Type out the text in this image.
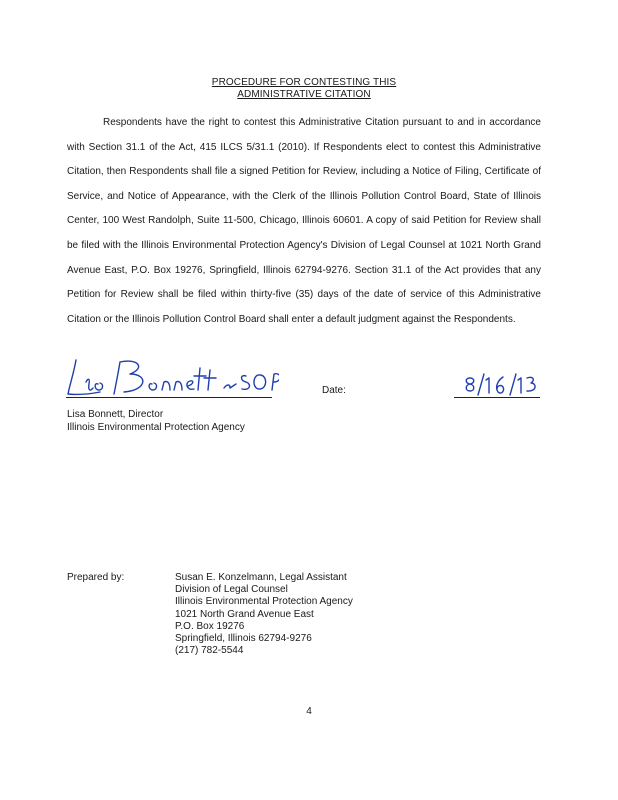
PROCEDURE FOR CONTESTING THIS
ADMINISTRATIVE CITATION

Respondents have the right to contest this Administrative Citation pursuant to and in accordance with Section 31.1 of the Act, 415 ILCS 5/31.1 (2010). If Respondents elect to contest this Administrative Citation, then Respondents shall file a signed Petition for Review, including a Notice of Filing, Certificate of Service, and Notice of Appearance, with the Clerk of the Illinois Pollution Control Board, State of Illinois Center, 100 West Randolph, Suite 11-500, Chicago, Illinois 60601. A copy of said Petition for Review shall be filed with the Illinois Environmental Protection Agency's Division of Legal Counsel at 1021 North Grand Avenue East, P.O. Box 19276, Springfield, Illinois 62794-9276. Section 31.1 of the Act provides that any Petition for Review shall be filed within thirty-five (35) days of the date of service of this Administrative Citation or the Illinois Pollution Control Board shall enter a default judgment against the Respondents.

Date:
Lisa Bonnett, Director
Illinois Environmental Protection Agency
Prepared by:	Susan E. Konzelmann, Legal Assistant
Division of Legal Counsel
Illinois Environmental Protection Agency
1021 North Grand Avenue East
P.O. Box 19276
Springfield, Illinois 62794-9276
(217) 782-5544
4
